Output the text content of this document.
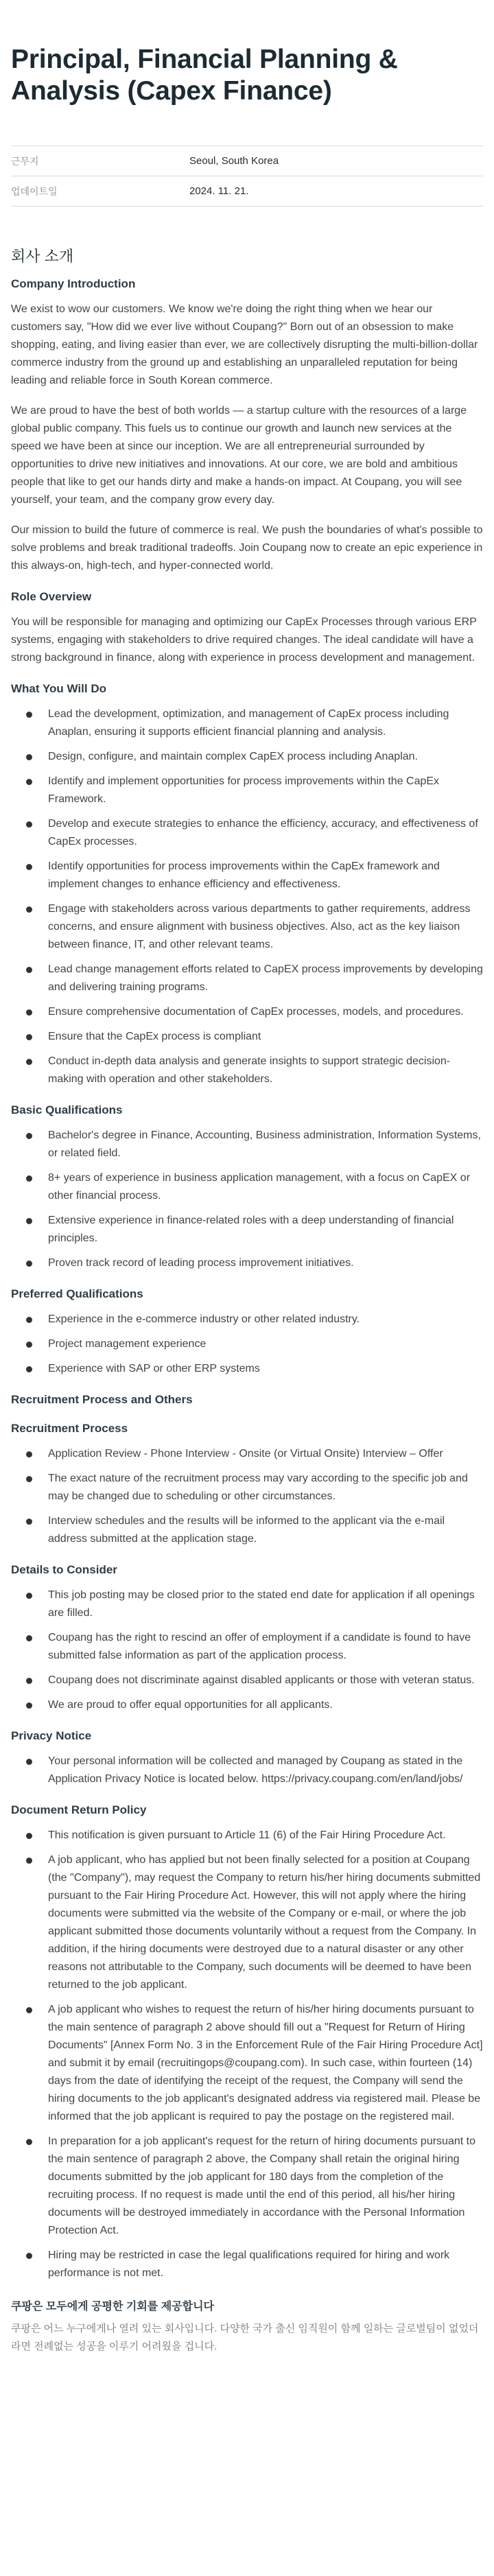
Principal, Financial Planning & Analysis (Capex Finance)
근무지	Seoul, South Korea
업데이트일	2024. 11. 21.
회사 소개
Company Introduction

We exist to wow our customers. We know we're doing the right thing when we hear our customers say, "How did we ever live without Coupang?" Born out of an obsession to make shopping, eating, and living easier than ever, we are collectively disrupting the multi-billion-dollar commerce industry from the ground up and establishing an unparalleled reputation for being leading and reliable force in South Korean commerce.

We are proud to have the best of both worlds — a startup culture with the resources of a large global public company. This fuels us to continue our growth and launch new services at the speed we have been at since our inception. We are all entrepreneurial surrounded by opportunities to drive new initiatives and innovations. At our core, we are bold and ambitious people that like to get our hands dirty and make a hands-on impact. At Coupang, you will see yourself, your team, and the company grow every day.

Our mission to build the future of commerce is real. We push the boundaries of what's possible to solve problems and break traditional tradeoffs. Join Coupang now to create an epic experience in this always-on, high-tech, and hyper-connected world.

Role Overview

You will be responsible for managing and optimizing our CapEx Processes through various ERP systems, engaging with stakeholders to drive required changes. The ideal candidate will have a strong background in finance, along with experience in process development and management.

What You Will Do
Lead the development, optimization, and management of CapEx process including Anaplan, ensuring it supports efficient financial planning and analysis.
Design, configure, and maintain complex CapEX process including Anaplan.
Identify and implement opportunities for process improvements within the CapEx Framework.
Develop and execute strategies to enhance the efficiency, accuracy, and effectiveness of CapEx processes.
Identify opportunities for process improvements within the CapEx framework and implement changes to enhance efficiency and effectiveness.
Engage with stakeholders across various departments to gather requirements, address concerns, and ensure alignment with business objectives. Also, act as the key liaison between finance, IT, and other relevant teams.
Lead change management efforts related to CapEX process improvements by developing and delivering training programs.
Ensure comprehensive documentation of CapEx processes, models, and procedures.
Ensure that the CapEx process is compliant
Conduct in-depth data analysis and generate insights to support strategic decision-making with operation and other stakeholders.
Basic Qualifications
Bachelor's degree in Finance, Accounting, Business administration, Information Systems, or related field.
8+ years of experience in business application management, with a focus on CapEX or other financial process.
Extensive experience in finance-related roles with a deep understanding of financial principles.
Proven track record of leading process improvement initiatives.
Preferred Qualifications
Experience in the e-commerce industry or other related industry.
Project management experience
Experience with SAP or other ERP systems
Recruitment Process and Others
Recruitment Process
Application Review - Phone Interview - Onsite (or Virtual Onsite) Interview – Offer
The exact nature of the recruitment process may vary according to the specific job and may be changed due to scheduling or other circumstances.
Interview schedules and the results will be informed to the applicant via the e-mail address submitted at the application stage.
Details to Consider
This job posting may be closed prior to the stated end date for application if all openings are filled.
Coupang has the right to rescind an offer of employment if a candidate is found to have submitted false information as part of the application process.
Coupang does not discriminate against disabled applicants or those with veteran status.
We are proud to offer equal opportunities for all applicants.
Privacy Notice
Your personal information will be collected and managed by Coupang as stated in the Application Privacy Notice is located below. https://privacy.coupang.com/en/land/jobs/
Document Return Policy
This notification is given pursuant to Article 11 (6) of the Fair Hiring Procedure Act.
A job applicant, who has applied but not been finally selected for a position at Coupang (the "Company"), may request the Company to return his/her hiring documents submitted pursuant to the Fair Hiring Procedure Act. However, this will not apply where the hiring documents were submitted via the website of the Company or e-mail, or where the job applicant submitted those documents voluntarily without a request from the Company. In addition, if the hiring documents were destroyed due to a natural disaster or any other reasons not attributable to the Company, such documents will be deemed to have been returned to the job applicant.
A job applicant who wishes to request the return of his/her hiring documents pursuant to the main sentence of paragraph 2 above should fill out a "Request for Return of Hiring Documents" [Annex Form No. 3 in the Enforcement Rule of the Fair Hiring Procedure Act] and submit it by email (recruitingops@coupang.com). In such case, within fourteen (14) days from the date of identifying the receipt of the request, the Company will send the hiring documents to the job applicant's designated address via registered mail. Please be informed that the job applicant is required to pay the postage on the registered mail.
In preparation for a job applicant's request for the return of hiring documents pursuant to the main sentence of paragraph 2 above, the Company shall retain the original hiring documents submitted by the job applicant for 180 days from the completion of the recruiting process. If no request is made until the end of this period, all his/her hiring documents will be destroyed immediately in accordance with the Personal Information Protection Act.
Hiring may be restricted in case the legal qualifications required for hiring and work performance is not met.
쿠팡은 모두에게 공평한 기회를 제공합니다

쿠팡은 어느 누구에게나 열려 있는 회사입니다. 다양한 국가 출신 임직원이 함께 일하는 글로벌팀이 없었더라면 전례없는 성공을 이루기 어려웠을 겁니다.
